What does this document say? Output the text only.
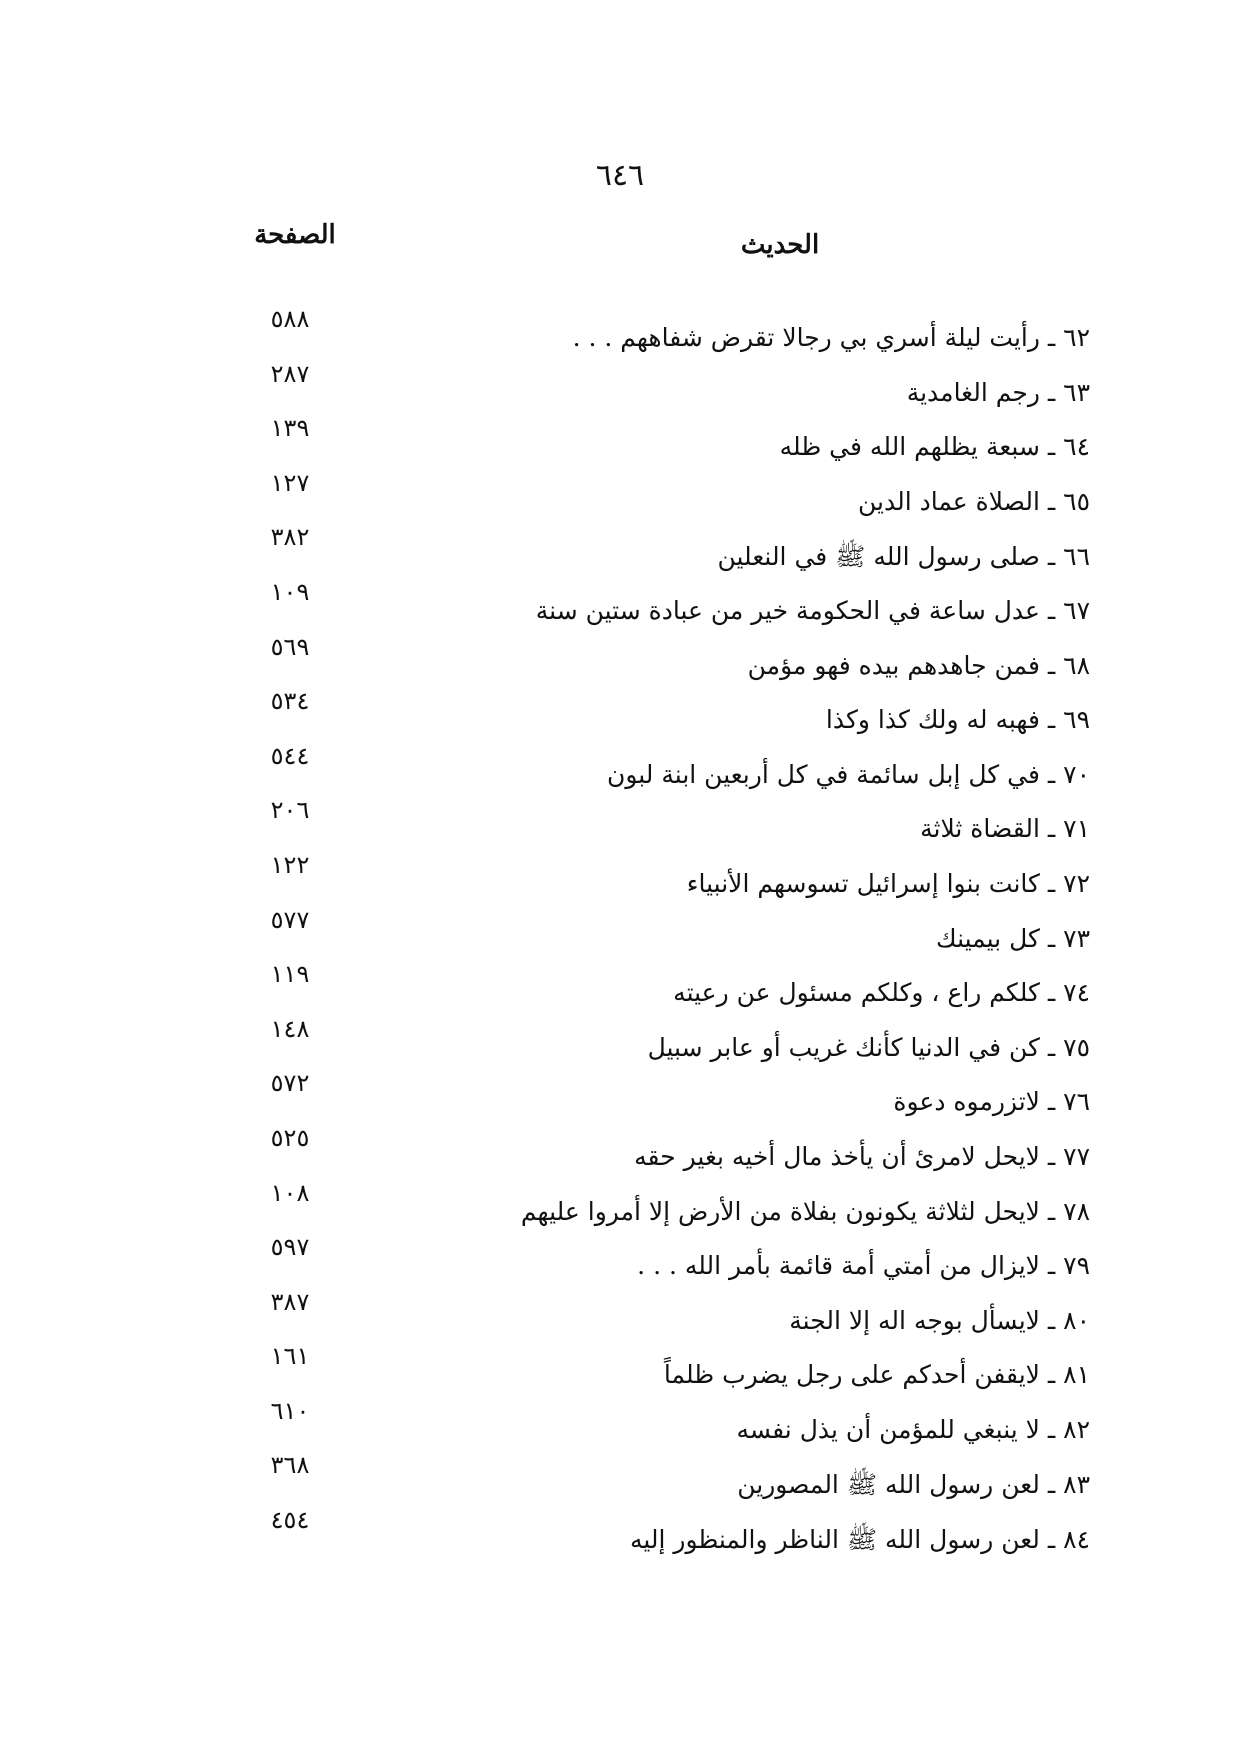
٦٤٦
الحديث
الصفحة
٦٢ ـ رأيت ليلة أسري بي رجالا تقرض شفاههم . . .
٥٨٨
٦٣ ـ رجم الغامدية
٢٨٧
٦٤ ـ سبعة يظلهم الله في ظله
١٣٩
٦٥ ـ الصلاة عماد الدين
١٢٧
٦٦ ـ صلى رسول الله ﷺ في النعلين
٣٨٢
٦٧ ـ عدل ساعة في الحكومة خير من عبادة ستين سنة
١٠٩
٦٨ ـ فمن جاهدهم بيده فهو مؤمن
٥٦٩
٦٩ ـ فهبه له ولك كذا وكذا
٥٣٤
٧٠ ـ في كل إبل سائمة في كل أربعين ابنة لبون
٥٤٤
٧١ ـ القضاة ثلاثة
٢٠٦
٧٢ ـ كانت بنوا إسرائيل تسوسهم الأنبياء
١٢٢
٧٣ ـ كل بيمينك
٥٧٧
٧٤ ـ كلكم راع ، وكلكم مسئول عن رعيته
١١٩
٧٥ ـ كن في الدنيا كأنك غريب أو عابر سبيل
١٤٨
٧٦ ـ لاتزرموه دعوة
٥٧٢
٧٧ ـ لايحل لامرئ أن يأخذ مال أخيه بغير حقه
٥٢٥
٧٨ ـ لايحل لثلاثة يكونون بفلاة من الأرض إلا أمروا عليهم
١٠٨
٧٩ ـ لايزال من أمتي أمة قائمة بأمر الله . . .
٥٩٧
٨٠ ـ لايسأل بوجه اله إلا الجنة
٣٨٧
٨١ ـ لايقفن أحدكم على رجل يضرب ظلماً
١٦١
٨٢ ـ لا ينبغي للمؤمن أن يذل نفسه
٦١٠
٨٣ ـ لعن رسول الله ﷺ المصورين
٣٦٨
٨٤ ـ لعن رسول الله ﷺ الناظر والمنظور إليه
٤٥٤
